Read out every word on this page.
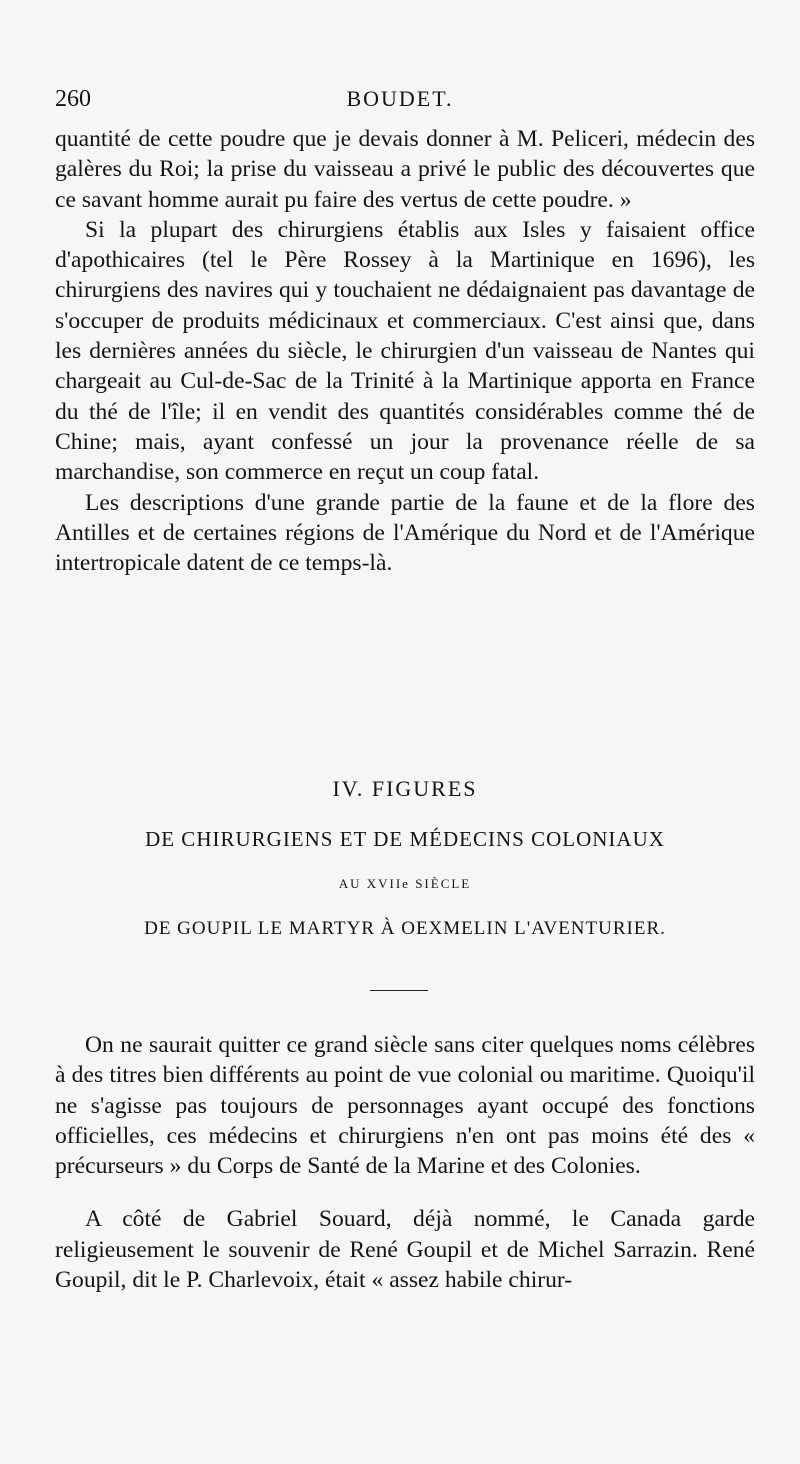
260	BOUDET.

quantité de cette poudre que je devais donner à M. Peliceri, médecin des galères du Roi; la prise du vaisseau a privé le public des découvertes que ce savant homme aurait pu faire des vertus de cette poudre. »

Si la plupart des chirurgiens établis aux Isles y faisaient office d'apothicaires (tel le Père Rossey à la Martinique en 1696), les chirurgiens des navires qui y touchaient ne dédaignaient pas davantage de s'occuper de produits médicinaux et commerciaux. C'est ainsi que, dans les dernières années du siècle, le chirurgien d'un vaisseau de Nantes qui chargeait au Cul-de-Sac de la Trinité à la Martinique apporta en France du thé de l'île; il en vendit des quantités considérables comme thé de Chine; mais, ayant confessé un jour la provenance réelle de sa marchandise, son commerce en reçut un coup fatal.

Les descriptions d'une grande partie de la faune et de la flore des Antilles et de certaines régions de l'Amérique du Nord et de l'Amérique intertropicale datent de ce temps-là.

IV. FIGURES
DE CHIRURGIENS ET DE MÉDECINS COLONIAUX
AU XVIIe SIÈCLE
DE GOUPIL LE MARTYR À OEXMELIN L'AVENTURIER.

On ne saurait quitter ce grand siècle sans citer quelques noms célèbres à des titres bien différents au point de vue colonial ou maritime. Quoiqu'il ne s'agisse pas toujours de personnages ayant occupé des fonctions officielles, ces médecins et chirurgiens n'en ont pas moins été des « précurseurs » du Corps de Santé de la Marine et des Colonies.

A côté de Gabriel Souard, déjà nommé, le Canada garde religieusement le souvenir de René Goupil et de Michel Sarrazin. René Goupil, dit le P. Charlevoix, était « assez habile chirur-
